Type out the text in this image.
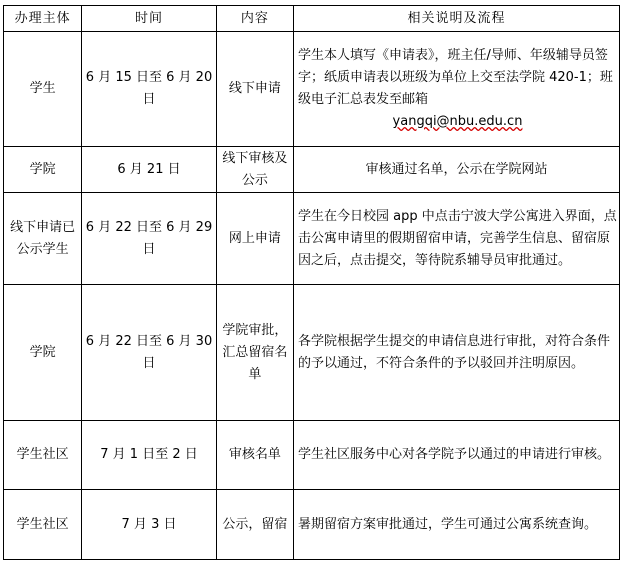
办理主体	时间	内容	相关说明及流程
学生	6 月 15 日至 6 月 20 日	线下申请	学生本人填写《申请表》，班主任/导师、年级辅导员签字；纸质申请表以班级为单位上交至法学院 420-1；班级电子汇总表发至邮箱
yangqi@nbu.edu.cn

学院	6 月 21 日	线下审核及公示	审核通过名单，公示在学院网站
线下申请已公示学生	6 月 22 日至 6 月 29 日	网上申请	学生在今日校园 app 中点击宁波大学公寓进入界面，点击公寓申请里的假期留宿申请，完善学生信息、留宿原因之后，点击提交，等待院系辅导员审批通过。
学院	6 月 22 日至 6 月 30 日	学院审批，汇总留宿名单	各学院根据学生提交的申请信息进行审批，对符合条件的予以通过，不符合条件的予以驳回并注明原因。
学生社区	7 月 1 日至 2 日	审核名单	学生社区服务中心对各学院予以通过的申请进行审核。
学生社区	7 月 3 日	公示，留宿	暑期留宿方案审批通过，学生可通过公寓系统查询。
